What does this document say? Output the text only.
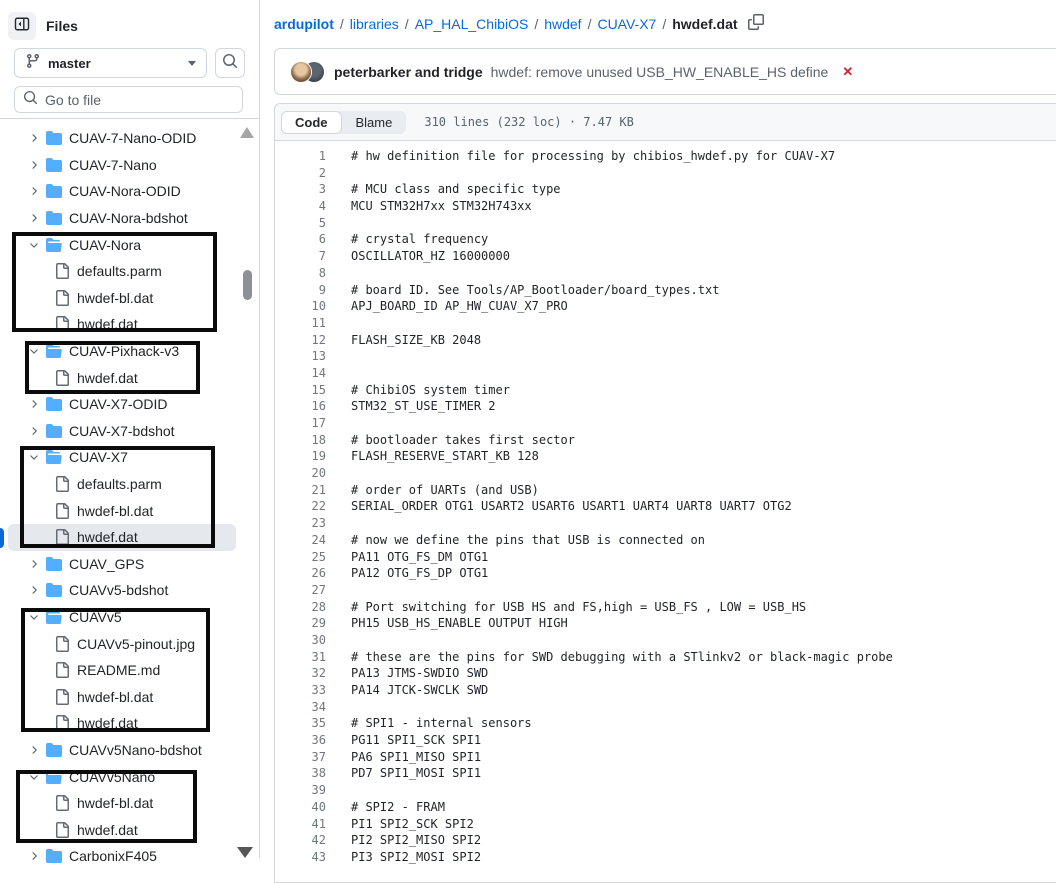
Files
master
Go to file
CUAV-7-Nano-ODID
CUAV-7-Nano
CUAV-Nora-ODID
CUAV-Nora-bdshot
CUAV-Nora
defaults.parm
hwdef-bl.dat
hwdef.dat
CUAV-Pixhack-v3
hwdef.dat
CUAV-X7-ODID
CUAV-X7-bdshot
CUAV-X7
defaults.parm
hwdef-bl.dat
hwdef.dat
CUAV_GPS
CUAVv5-bdshot
CUAVv5
CUAVv5-pinout.jpg
README.md
hwdef-bl.dat
hwdef.dat
CUAVv5Nano-bdshot
CUAVv5Nano
hwdef-bl.dat
hwdef.dat
CarbonixF405
ardupilot / libraries / AP_HAL_ChibiOS / hwdef / CUAV-X7 / hwdef.dat
peterbarker and tridge hwdef: remove unused USB_HW_ENABLE_HS define ✕
Code	Blame	310 lines (232 loc) · 7.47 KB
1	# hw definition file for processing by chibios_hwdef.py for CUAV-X7
2
3	# MCU class and specific type
4	MCU STM32H7xx STM32H743xx
5
6	# crystal frequency
7	OSCILLATOR_HZ 16000000
8
9	# board ID. See Tools/AP_Bootloader/board_types.txt
10	APJ_BOARD_ID AP_HW_CUAV_X7_PRO
11
12	FLASH_SIZE_KB 2048
13
14
15	# ChibiOS system timer
16	STM32_ST_USE_TIMER 2
17
18	# bootloader takes first sector
19	FLASH_RESERVE_START_KB 128
20
21	# order of UARTs (and USB)
22	SERIAL_ORDER OTG1 USART2 USART6 USART1 UART4 UART8 UART7 OTG2
23
24	# now we define the pins that USB is connected on
25	PA11 OTG_FS_DM OTG1
26	PA12 OTG_FS_DP OTG1
27
28	# Port switching for USB HS and FS,high = USB_FS , LOW = USB_HS
29	PH15 USB_HS_ENABLE OUTPUT HIGH
30
31	# these are the pins for SWD debugging with a STlinkv2 or black-magic probe
32	PA13 JTMS-SWDIO SWD
33	PA14 JTCK-SWCLK SWD
34
35	# SPI1 - internal sensors
36	PG11 SPI1_SCK SPI1
37	PA6 SPI1_MISO SPI1
38	PD7 SPI1_MOSI SPI1
39
40	# SPI2 - FRAM
41	PI1 SPI2_SCK SPI2
42	PI2 SPI2_MISO SPI2
43	PI3 SPI2_MOSI SPI2
